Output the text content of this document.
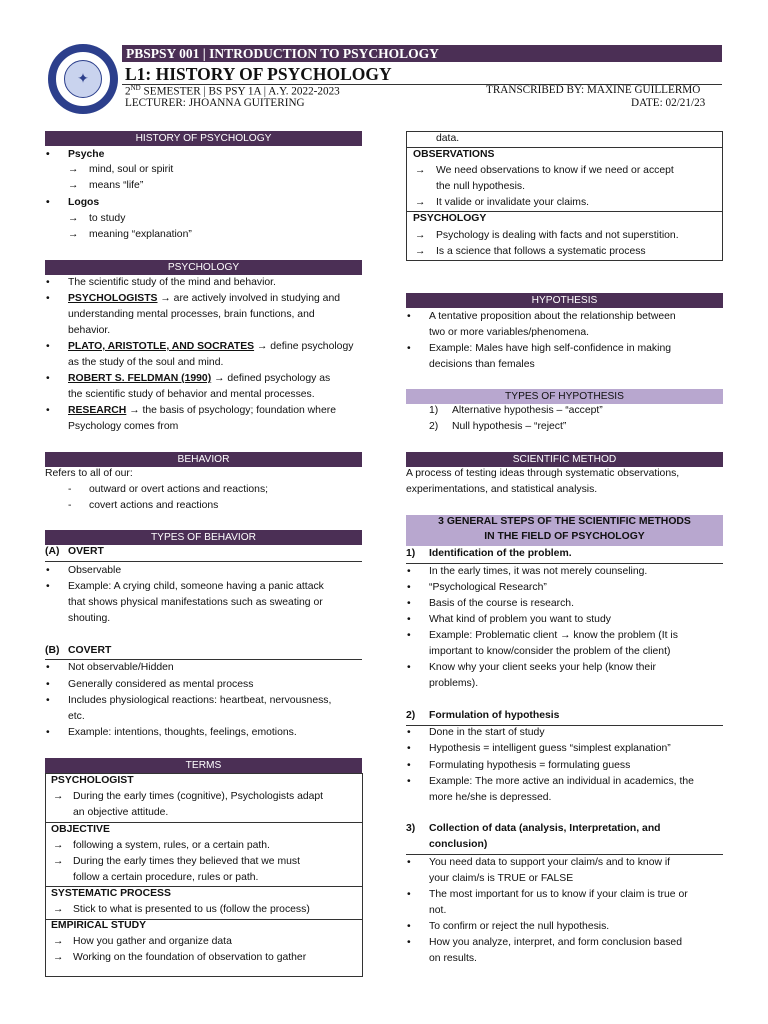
✦
PBSPSY 001 | INTRODUCTION TO PSYCHOLOGY
L1: HISTORY OF PSYCHOLOGY
2ND SEMESTER | BS PSY 1A | A.Y. 2022-2023
LECTURER: JHOANNA GUITERING
TRANSCRIBED BY: MAXINE GUILLERMO
DATE: 02/21/23
HISTORY OF PSYCHOLOGY
• Psyche
→ mind, soul or spirit
→ means “life”
• Logos
→ to study
→ meaning “explanation”
PSYCHOLOGY
• The scientific study of the mind and behavior.
• PSYCHOLOGISTS → are actively involved in studying and
understanding mental processes, brain functions, and
behavior.
• PLATO, ARISTOTLE, AND SOCRATES → define psychology
as the study of the soul and mind.
• ROBERT S. FELDMAN (1990) → defined psychology as
the scientific study of behavior and mental processes.
• RESEARCH → the basis of psychology; foundation where
Psychology comes from
BEHAVIOR
Refers to all of our:
- outward or overt actions and reactions;
- covert actions and reactions
TYPES OF BEHAVIOR
(A) OVERT
• Observable
• Example: A crying child, someone having a panic attack
that shows physical manifestations such as sweating or
shouting.
(B) COVERT
• Not observable/Hidden
• Generally considered as mental process
• Includes physiological reactions: heartbeat, nervousness,
etc.
• Example: intentions, thoughts, feelings, emotions.
TERMS
PSYCHOLOGIST
→ During the early times (cognitive), Psychologists adapt
an objective attitude.
OBJECTIVE
→ following a system, rules, or a certain path.
→ During the early times they believed that we must
follow a certain procedure, rules or path.
SYSTEMATIC PROCESS
→ Stick to what is presented to us (follow the process)
EMPIRICAL STUDY
→ How you gather and organize data
→ Working on the foundation of observation to gather
data.
OBSERVATIONS
→ We need observations to know if we need or accept
the null hypothesis.
→ It valide or invalidate your claims.
PSYCHOLOGY
→ Psychology is dealing with facts and not superstition.
→ Is a science that follows a systematic process
HYPOTHESIS
• A tentative proposition about the relationship between
two or more variables/phenomena.
• Example: Males have high self-confidence in making
decisions than females
TYPES OF HYPOTHESIS
1) Alternative hypothesis – “accept”
2) Null hypothesis – “reject”
SCIENTIFIC METHOD
A process of testing ideas through systematic observations,
experimentations, and statistical analysis.
3 GENERAL STEPS OF THE SCIENTIFIC METHODS
IN THE FIELD OF PSYCHOLOGY
1) Identification of the problem.
• In the early times, it was not merely counseling.
• “Psychological Research”
• Basis of the course is research.
• What kind of problem you want to study
• Example: Problematic client → know the problem (It is
important to know/consider the problem of the client)
• Know why your client seeks your help (know their
problems).
2) Formulation of hypothesis
• Done in the start of study
• Hypothesis = intelligent guess “simplest explanation”
• Formulating hypothesis = formulating guess
• Example: The more active an individual in academics, the
more he/she is depressed.
3) Collection of data (analysis, Interpretation, and
conclusion)
• You need data to support your claim/s and to know if
your claim/s is TRUE or FALSE
• The most important for us to know if your claim is true or
not.
• To confirm or reject the null hypothesis.
• How you analyze, interpret, and form conclusion based
on results.
